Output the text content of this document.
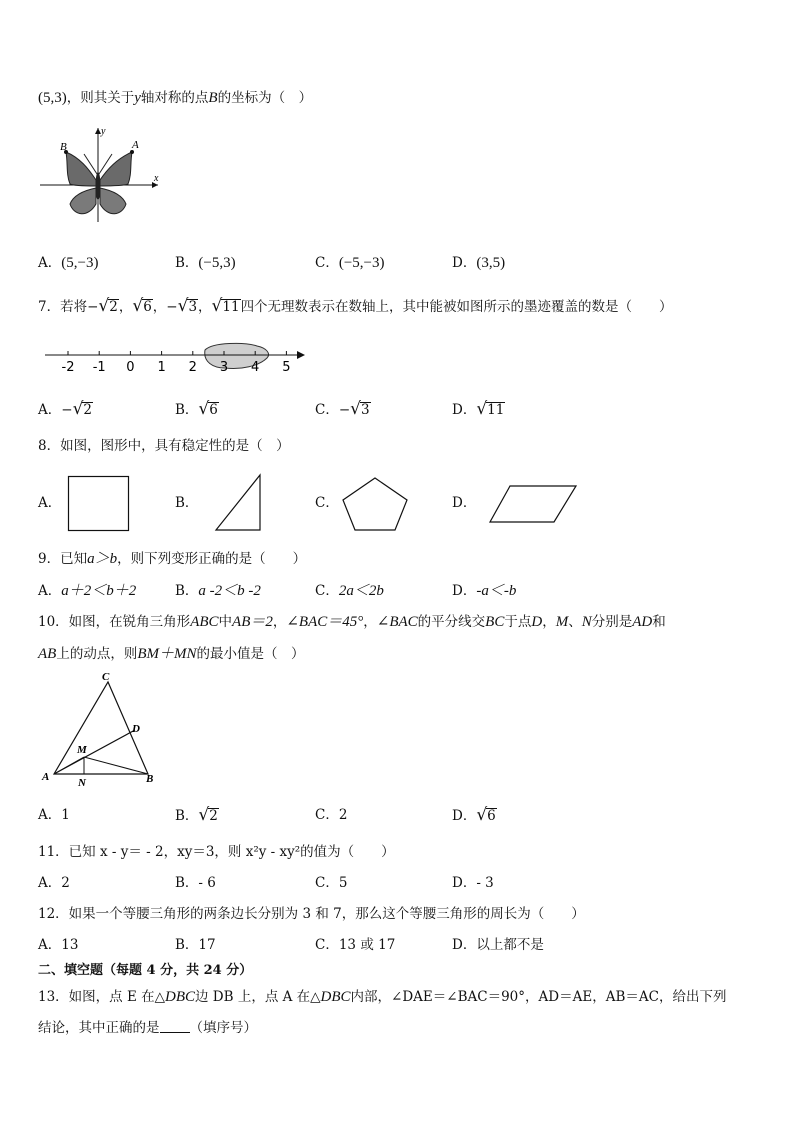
(5,3)，则其关于y轴对称的点B的坐标为（　）
B	A
y
x
A．(5,−3)	B．(−5,3)	C．(−5,−3)	D．(3,5)
7．若将−√2，√6，−√3，√11四个无理数表示在数轴上，其中能被如图所示的墨迹覆盖的数是（　　）
-2 -1 0 1 2 3 4 5
A．−√2	B．√6	C．−√3	D．√11
8．如图，图形中，具有稳定性的是（　）
A．	B．	C．	D．
9．已知a＞b，则下列变形正确的是（　　）
A．a＋2＜b＋2	B．a -2＜b -2	C．2a＜2b	D．-a＜-b
10．如图，在锐角三角形ABC中AB＝2，∠BAC＝45°，∠BAC的平分线交BC于点D，M、N分别是AD和
AB上的动点，则BM＋MN的最小值是（　）
C
D
M
A	N	B
A．1	B．√2	C．2	D．√6
11．已知 x - y＝ - 2，xy＝3，则 x²y - xy²的值为（　　）
A．2	B．- 6	C．5	D．- 3
12．如果一个等腰三角形的两条边长分别为 3 和 7，那么这个等腰三角形的周长为（　　）
A．13	B．17	C．13 或 17	D．以上都不是
二、填空题（每题 4 分，共 24 分）
13．如图，点 E 在△DBC边 DB 上，点 A 在△DBC内部，∠DAE＝∠BAC＝90°，AD＝AE，AB＝AC，给出下列
结论，其中正确的是 （填序号）
